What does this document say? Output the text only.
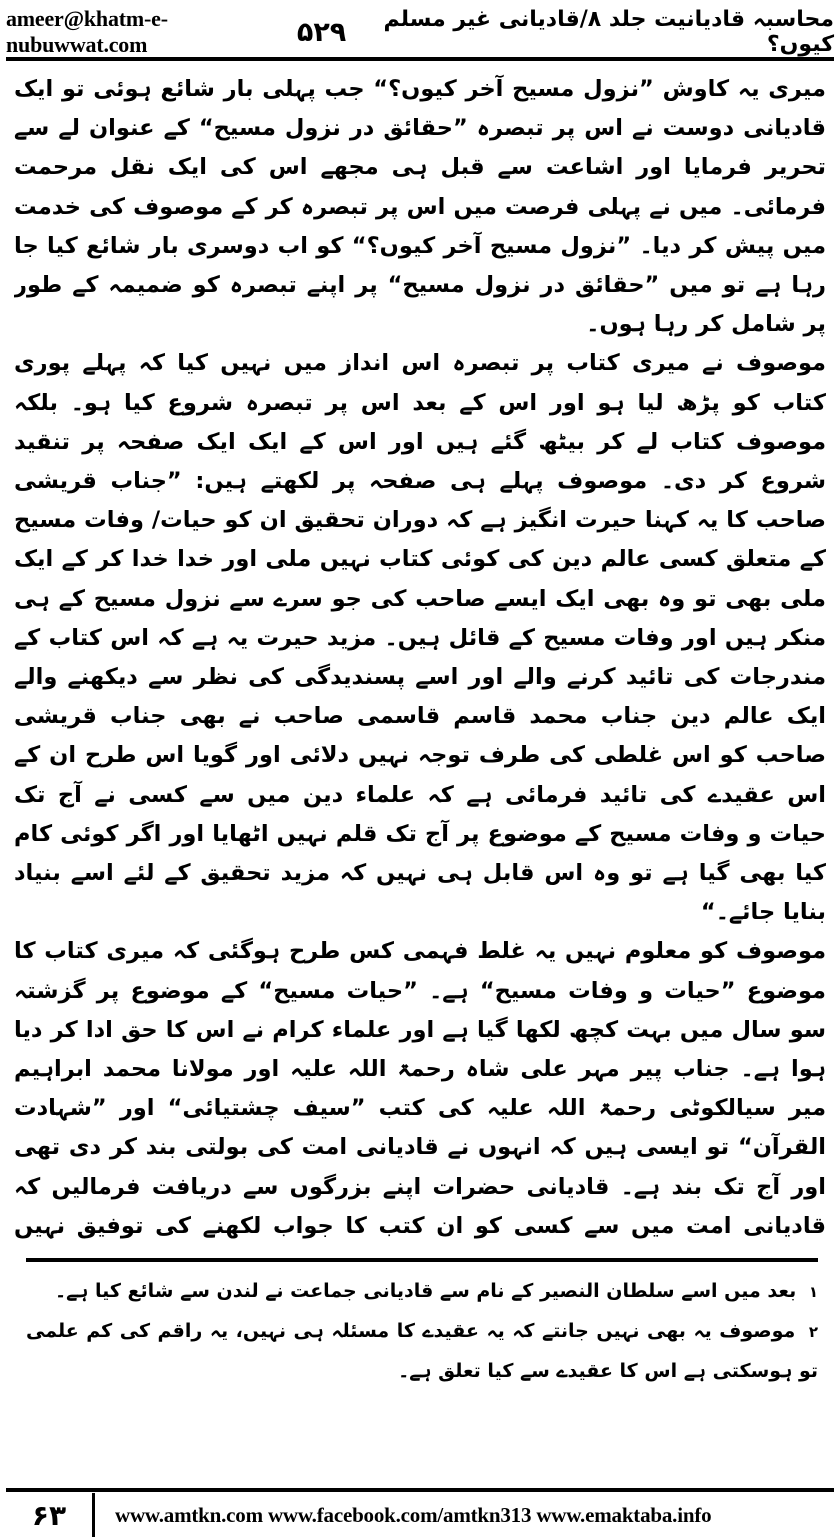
ameer@khatm-e-nubuwwat.com	۵۲۹	محاسبہ قادیانیت جلد ۸/قادیانی غیر مسلم کیوں؟

میری یہ کاوش ”نزول مسیح آخر کیوں؟“ جب پہلی بار شائع ہوئی تو ایک قادیانی دوست نے اس پر تبصرہ ”حقائق در نزول مسیح“ کے عنوان لے سے تحریر فرمایا اور اشاعت سے قبل ہی مجھے اس کی ایک نقل مرحمت فرمائی۔ میں نے پہلی فرصت میں اس پر تبصرہ کر کے موصوف کی خدمت میں پیش کر دیا۔ ”نزول مسیح آخر کیوں؟“ کو اب دوسری بار شائع کیا جا رہا ہے تو میں ”حقائق در نزول مسیح“ پر اپنے تبصرہ کو ضمیمہ کے طور پر شامل کر رہا ہوں۔

موصوف نے میری کتاب پر تبصرہ اس انداز میں نہیں کیا کہ پہلے پوری کتاب کو پڑھ لیا ہو اور اس کے بعد اس پر تبصرہ شروع کیا ہو۔ بلکہ موصوف کتاب لے کر بیٹھ گئے ہیں اور اس کے ایک ایک صفحہ پر تنقید شروع کر دی۔ موصوف پہلے ہی صفحہ پر لکھتے ہیں: ”جناب قریشی صاحب کا یہ کہنا حیرت انگیز ہے کہ دوران تحقیق ان کو حیات/ وفات مسیح کے متعلق کسی عالم دین کی کوئی کتاب نہیں ملی اور خدا خدا کر کے ایک ملی بھی تو وہ بھی ایک ایسے صاحب کی جو سرے سے نزول مسیح کے ہی منکر ہیں اور وفات مسیح کے قائل ہیں۔ مزید حیرت یہ ہے کہ اس کتاب کے مندرجات کی تائید کرنے والے اور اسے پسندیدگی کی نظر سے دیکھنے والے ایک عالم دین جناب محمد قاسم قاسمی صاحب نے بھی جناب قریشی صاحب کو اس غلطی کی طرف توجہ نہیں دلائی اور گویا اس طرح ان کے اس عقیدے کی تائید فرمائی ہے کہ علماء دین میں سے کسی نے آج تک حیات و وفات مسیح کے موضوع پر آج تک قلم نہیں اٹھایا اور اگر کوئی کام کیا بھی گیا ہے تو وہ اس قابل ہی نہیں کہ مزید تحقیق کے لئے اسے بنیاد بنایا جائے۔“

موصوف کو معلوم نہیں یہ غلط فہمی کس طرح ہوگئی کہ میری کتاب کا موضوع ”حیات و وفات مسیح“ ہے۔ ”حیات مسیح“ کے موضوع پر گزشتہ سو سال میں بہت کچھ لکھا گیا ہے اور علماء کرام نے اس کا حق ادا کر دیا ہوا ہے۔ جناب پیر مہر علی شاہ رحمۃ اللہ علیہ اور مولانا محمد ابراہیم میر سیالکوٹی رحمۃ اللہ علیہ کی کتب ”سیف چشتیائی“ اور ”شہادت القرآن“ تو ایسی ہیں کہ انہوں نے قادیانی امت کی بولتی بند کر دی تھی اور آج تک بند ہے۔ قادیانی حضرات اپنے بزرگوں سے دریافت فرمالیں کہ قادیانی امت میں سے کسی کو ان کتب کا جواب لکھنے کی توفیق نہیں

۱ بعد میں اسے سلطان النصیر کے نام سے قادیانی جماعت نے لندن سے شائع کیا ہے۔

۲ موصوف یہ بھی نہیں جانتے کہ یہ عقیدے کا مسئلہ ہی نہیں، یہ راقم کی کم علمی تو ہوسکتی ہے اس کا عقیدے سے کیا تعلق ہے۔

۶۳	www.amtkn.com www.facebook.com/amtkn313 www.emaktaba.info
